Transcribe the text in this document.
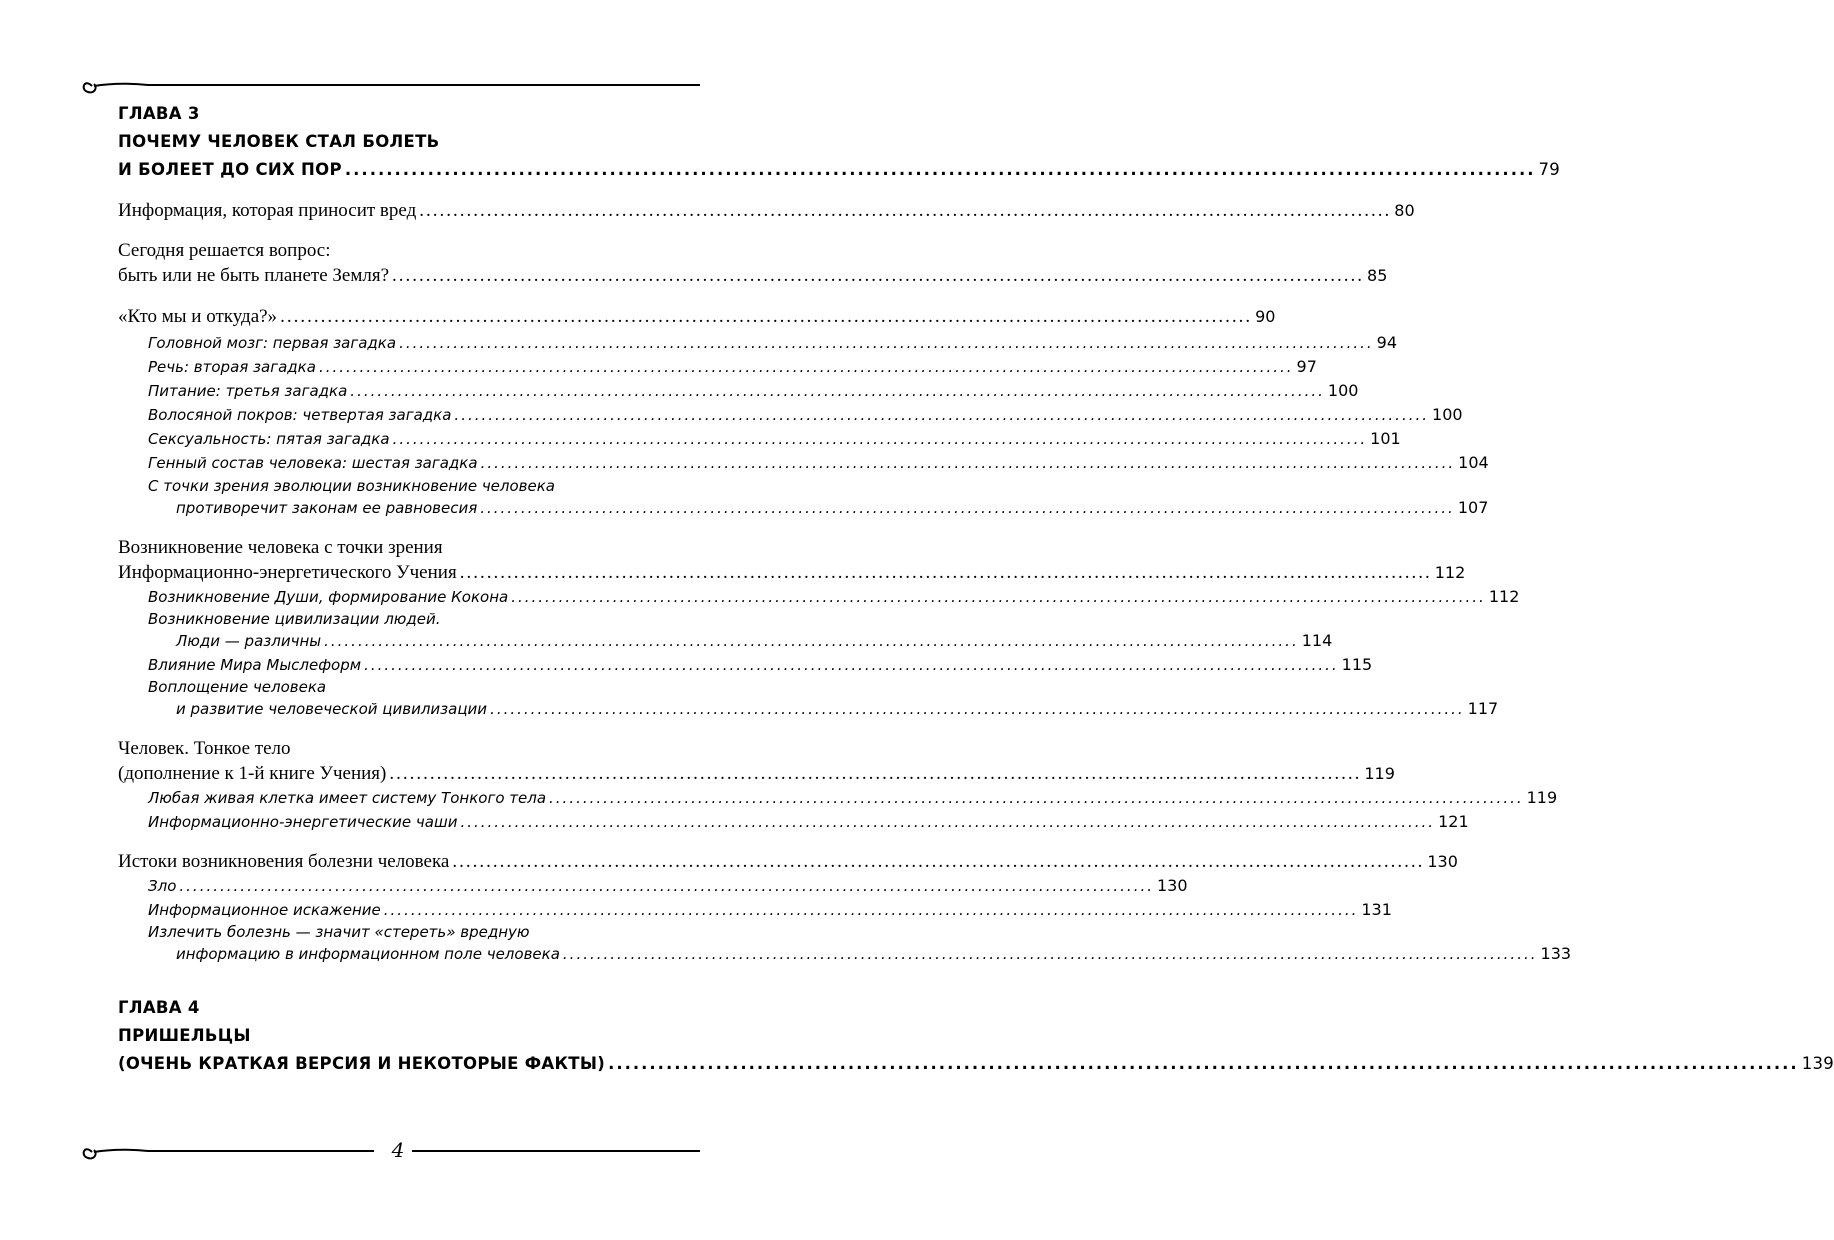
ГЛАВА 3
ПОЧЕМУ ЧЕЛОВЕК СТАЛ БОЛЕТЬ
И БОЛЕЕТ ДО СИХ ПОР ................................................................................................................................................ 79
Информация, которая приносит вред ................................................................................................................................................ 80
Сегодня решается вопрос:
быть или не быть планете Земля? ................................................................................................................................................ 85
«Кто мы и откуда?» ................................................................................................................................................ 90
Головной мозг: первая загадка ................................................................................................................................................ 94
Речь: вторая загадка ................................................................................................................................................ 97
Питание: третья загадка ................................................................................................................................................ 100
Волосяной покров: четвертая загадка ................................................................................................................................................ 100
Сексуальность: пятая загадка ................................................................................................................................................ 101
Генный состав человека: шестая загадка ................................................................................................................................................ 104
С точки зрения эволюции возникновение человека
противоречит законам ее равновесия ................................................................................................................................................ 107
Возникновение человека с точки зрения
Информационно-энергетического Учения ................................................................................................................................................ 112
Возникновение Души, формирование Кокона ................................................................................................................................................ 112
Возникновение цивилизации людей.
Люди — различны ................................................................................................................................................ 114
Влияние Мира Мыслеформ ................................................................................................................................................ 115
Воплощение человека
и развитие человеческой цивилизации ................................................................................................................................................ 117
Человек. Тонкое тело
(дополнение к 1-й книге Учения) ................................................................................................................................................ 119
Любая живая клетка имеет систему Тонкого тела ................................................................................................................................................ 119
Информационно-энергетические чаши ................................................................................................................................................ 121
Истоки возникновения болезни человека ................................................................................................................................................ 130
Зло ................................................................................................................................................ 130
Информационное искажение ................................................................................................................................................ 131
Излечить болезнь — значит «стереть» вредную
информацию в информационном поле человека ................................................................................................................................................ 133
ГЛАВА 4
ПРИШЕЛЬЦЫ
(ОЧЕНЬ КРАТКАЯ ВЕРСИЯ И НЕКОТОРЫЕ ФАКТЫ) ................................................................................................................................................ 139
4
